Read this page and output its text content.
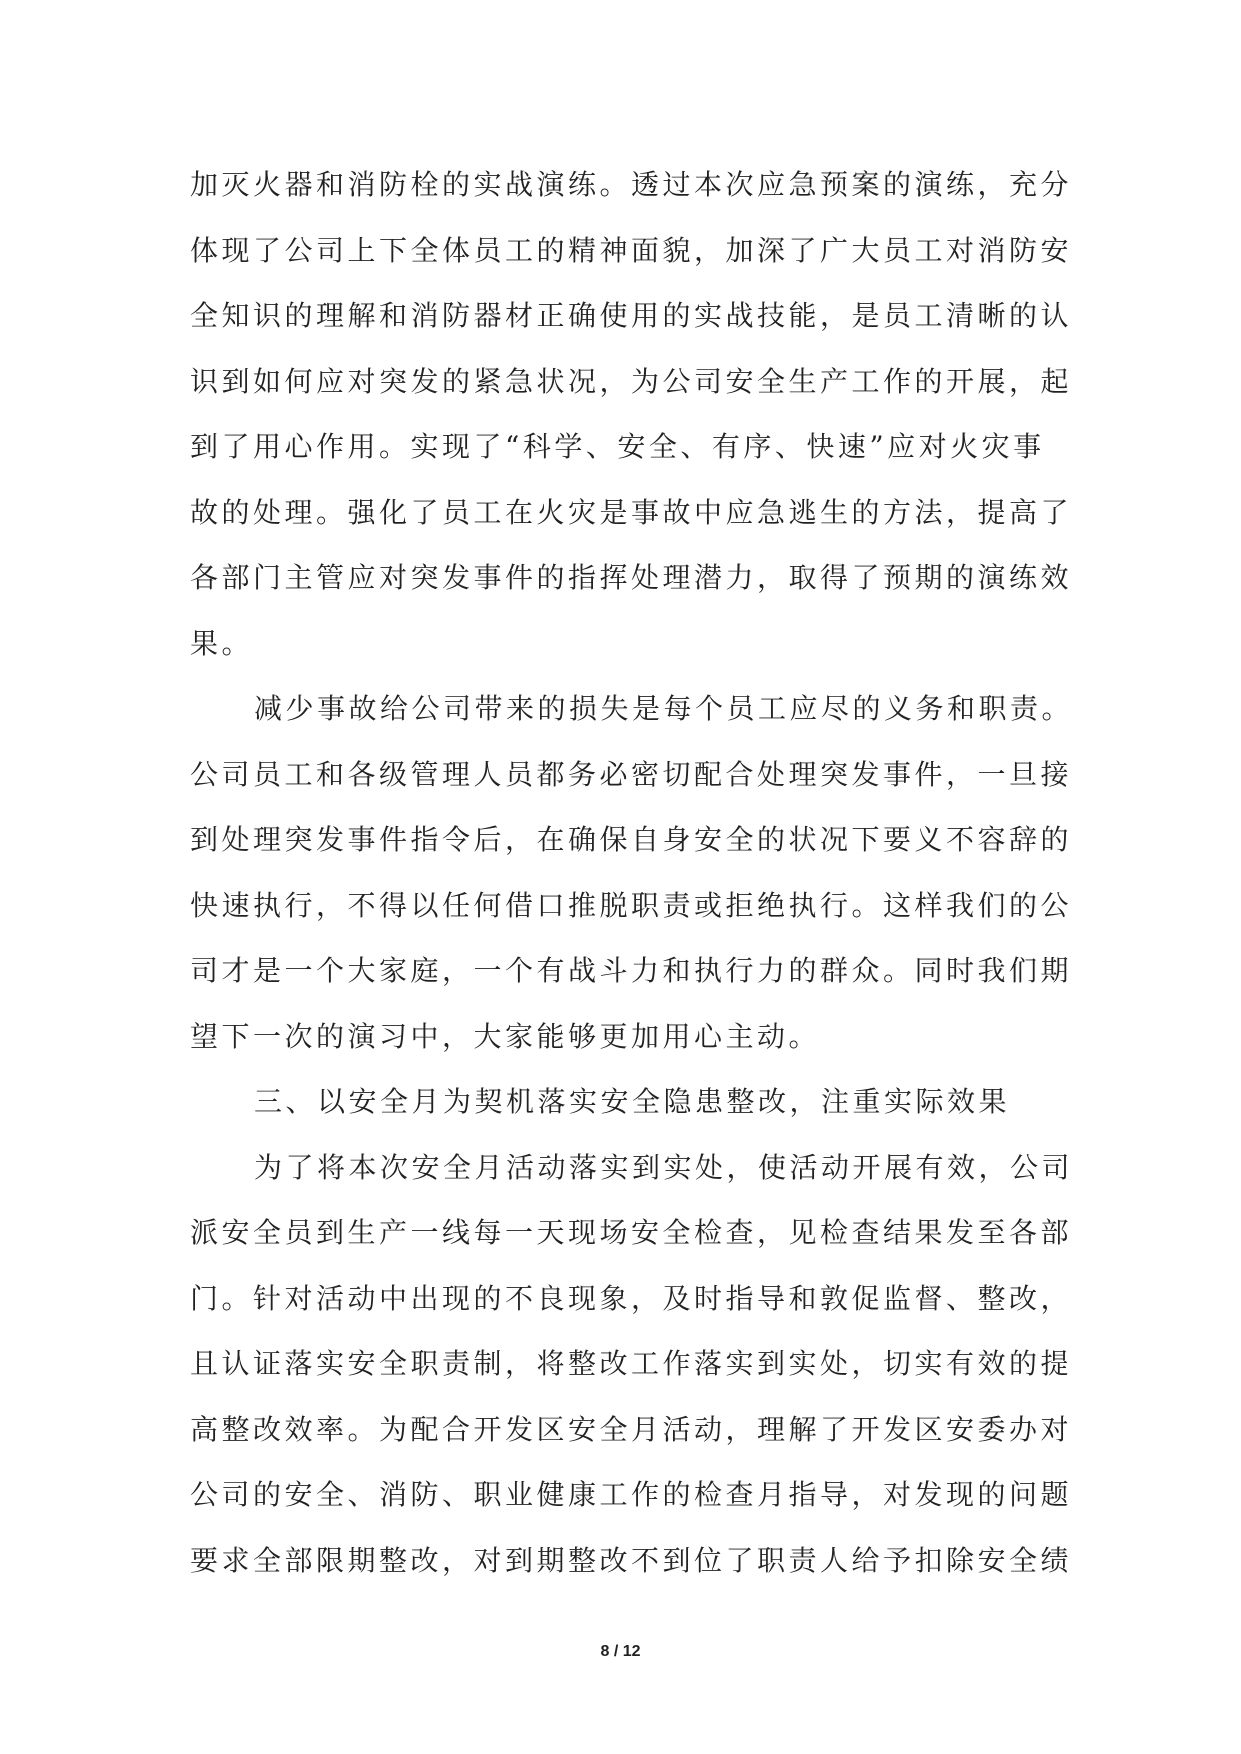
加灭火器和消防栓的实战演练。透过本次应急预案的演练，充分
体现了公司上下全体员工的精神面貌，加深了广大员工对消防安
全知识的理解和消防器材正确使用的实战技能，是员工清晰的认
识到如何应对突发的紧急状况，为公司安全生产工作的开展，起
到了用心作用。实现了“科学、安全、有序、快速”应对火灾事
故的处理。强化了员工在火灾是事故中应急逃生的方法，提高了
各部门主管应对突发事件的指挥处理潜力，取得了预期的演练效
果。
减少事故给公司带来的损失是每个员工应尽的义务和职责。
公司员工和各级管理人员都务必密切配合处理突发事件，一旦接
到处理突发事件指令后，在确保自身安全的状况下要义不容辞的
快速执行，不得以任何借口推脱职责或拒绝执行。这样我们的公
司才是一个大家庭，一个有战斗力和执行力的群众。同时我们期
望下一次的演习中，大家能够更加用心主动。
三、以安全月为契机落实安全隐患整改，注重实际效果
为了将本次安全月活动落实到实处，使活动开展有效，公司
派安全员到生产一线每一天现场安全检查，见检查结果发至各部
门。针对活动中出现的不良现象，及时指导和敦促监督、整改，
且认证落实安全职责制，将整改工作落实到实处，切实有效的提
高整改效率。为配合开发区安全月活动，理解了开发区安委办对
公司的安全、消防、职业健康工作的检查月指导，对发现的问题
要求全部限期整改，对到期整改不到位了职责人给予扣除安全绩
8 / 12
